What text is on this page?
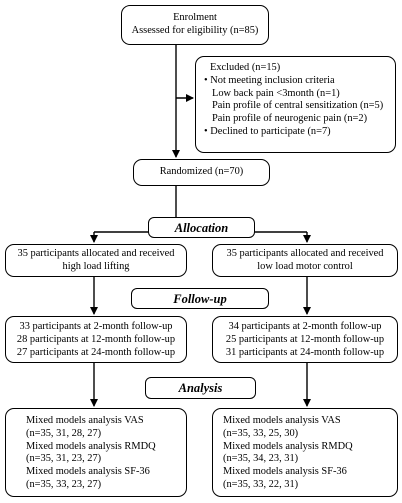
Enrolment
Assessed for eligibility (n=85)
Excluded (n=15)
• Not meeting inclusion criteria
Low back pain <3month (n=1)
Pain profile of central sensitization (n=5)
Pain profile of neurogenic pain (n=2)
• Declined to participate (n=7)
Randomized (n=70)
Allocation
35 participants allocated and received
high load lifting
35 participants allocated and received
low load motor control
Follow-up
33 participants at 2-month follow-up
28 participants at 12-month follow-up
27 participants at 24-month follow-up
34 participants at 2-month follow-up
25 participants at 12-month follow-up
31 participants at 24-month follow-up
Analysis
Mixed models analysis VAS
(n=35, 31, 28, 27)
Mixed models analysis RMDQ
(n=35, 31, 23, 27)
Mixed models analysis SF-36
(n=35, 33, 23, 27)
Mixed models analysis VAS
(n=35, 33, 25, 30)
Mixed models analysis RMDQ
(n=35, 34, 23, 31)
Mixed models analysis SF-36
(n=35, 33, 22, 31)
